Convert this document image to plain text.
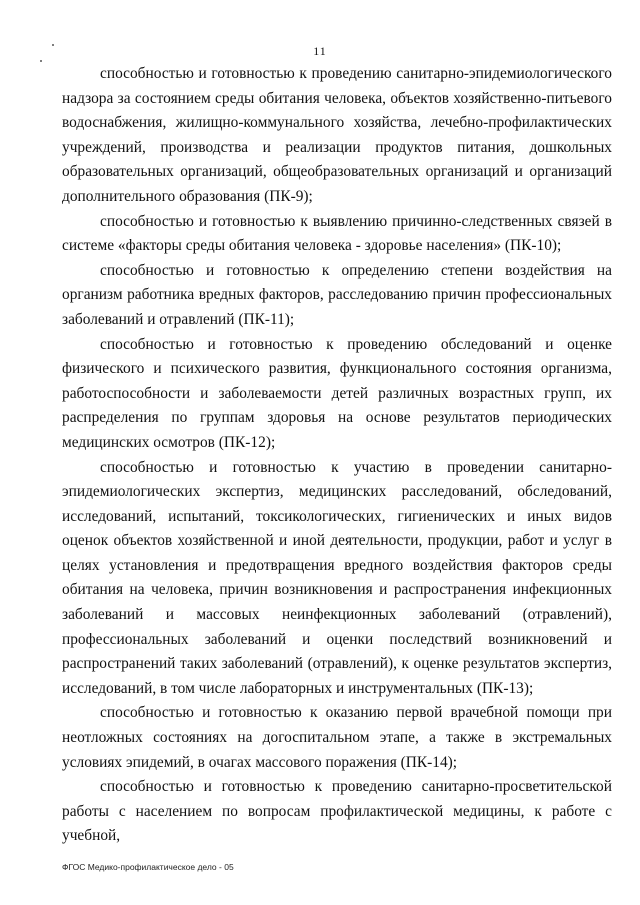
11

способностью и готовностью к проведению санитарно-эпидемиологического надзора за состоянием среды обитания человека, объектов хозяйственно-питьевого водоснабжения, жилищно-коммунального хозяйства, лечебно-профилактических учреждений, производства и реализации продуктов питания, дошкольных образовательных организаций, общеобразовательных организаций и организаций дополнительного образования (ПК-9);

способностью и готовностью к выявлению причинно-следственных связей в системе «факторы среды обитания человека - здоровье населения» (ПК-10);

способностью и готовностью к определению степени воздействия на организм работника вредных факторов, расследованию причин профессиональных заболеваний и отравлений (ПК-11);

способностью и готовностью к проведению обследований и оценке физического и психического развития, функционального состояния организма, работоспособности и заболеваемости детей различных возрастных групп, их распределения по группам здоровья на основе результатов периодических медицинских осмотров (ПК-12);

способностью и готовностью к участию в проведении санитарно-эпидемиологических экспертиз, медицинских расследований, обследований, исследований, испытаний, токсикологических, гигиенических и иных видов оценок объектов хозяйственной и иной деятельности, продукции, работ и услуг в целях установления и предотвращения вредного воздействия факторов среды обитания на человека, причин возникновения и распространения инфекционных заболеваний и массовых неинфекционных заболеваний (отравлений), профессиональных заболеваний и оценки последствий возникновений и распространений таких заболеваний (отравлений), к оценке результатов экспертиз, исследований, в том числе лабораторных и инструментальных (ПК-13);

способностью и готовностью к оказанию первой врачебной помощи при неотложных состояниях на догоспитальном этапе, а также в экстремальных условиях эпидемий, в очагах массового поражения (ПК-14);

способностью и готовностью к проведению санитарно-просветительской работы с населением по вопросам профилактической медицины, к работе с учебной,

ФГОС Медико-профилактическое дело - 05
